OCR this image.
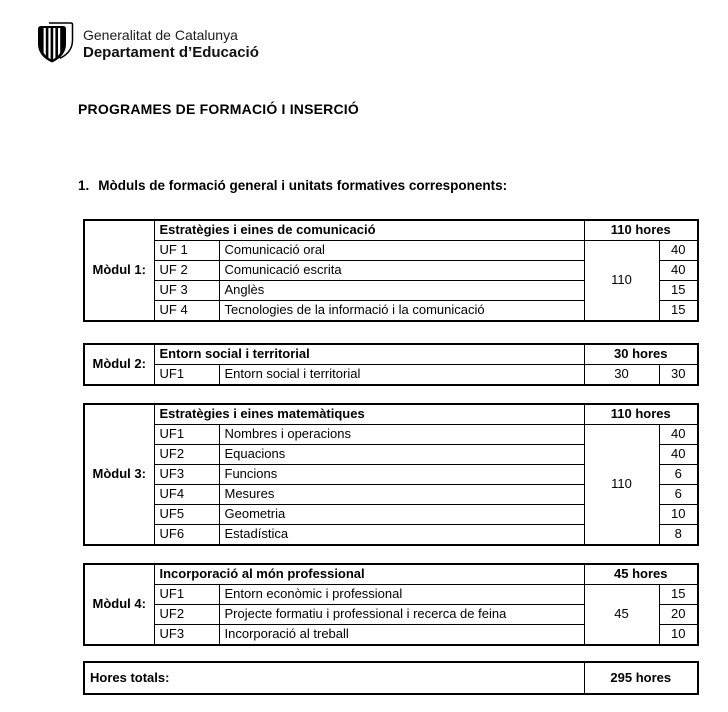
Generalitat de Catalunya
Departament d’Educació
PROGRAMES DE FORMACIÓ I INSERCIÓ
1. Mòduls de formació general i unitats formatives corresponents:
Mòdul 1:	Estratègies i eines de comunicació		110 hores	
	UF 1	Comunicació oral	110	40
	UF 2	Comunicació escrita		40
	UF 3	Anglès		15
	UF 4	Tecnologies de la informació i la comunicació		15
Mòdul 2:	Entorn social i territorial		30 hores	
	UF1	Entorn social i territorial	30	30
Mòdul 3:	Estratègies i eines matemàtiques		110 hores	
	UF1	Nombres i operacions	110	40
	UF2	Equacions		40
	UF3	Funcions		6
	UF4	Mesures		6
	UF5	Geometria		10
	UF6	Estadística		8
Mòdul 4:	Incorporació al món professional		45 hores	
	UF1	Entorn econòmic i professional	45	15
	UF2	Projecte formatiu i professional i recerca de feina		20
	UF3	Incorporació al treball		10
Hores totals:	295 hores
